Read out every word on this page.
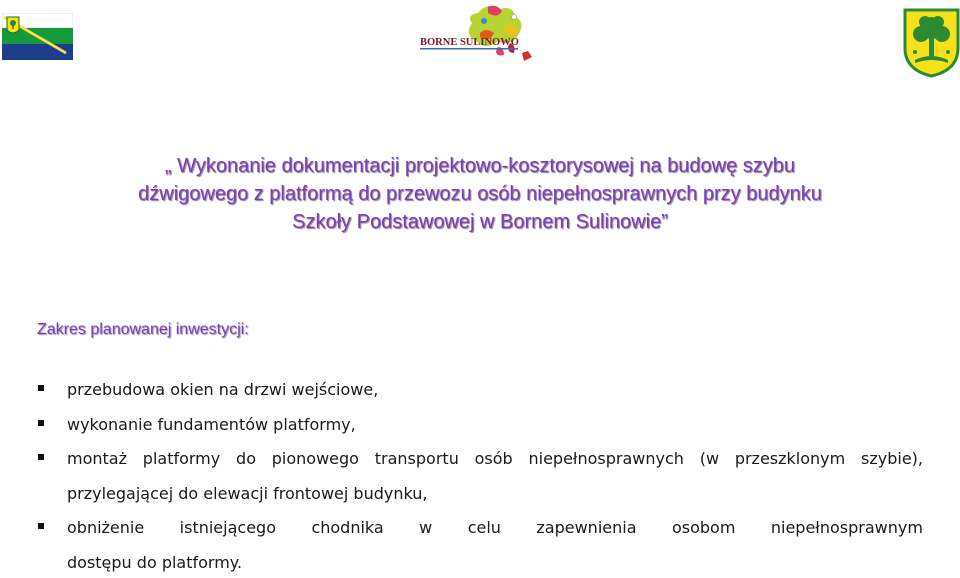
BORNE SULINOWO
„ Wykonanie dokumentacji projektowo-kosztorysowej na budowę szybu
dźwigowego z platformą do przewozu osób niepełnosprawnych przy budynku
Szkoły Podstawowej w Bornem Sulinowie”
Zakres planowanej inwestycji:
przebudowa okien na drzwi wejściowe,
wykonanie fundamentów platformy,
montaż platformy do pionowego transportu osób niepełnosprawnych (w przeszklonym szybie), przylegającej do elewacji frontowej budynku,
obniżenie istniejącego chodnika w celu zapewnienia osobom niepełnosprawnym
dostępu do platformy.
